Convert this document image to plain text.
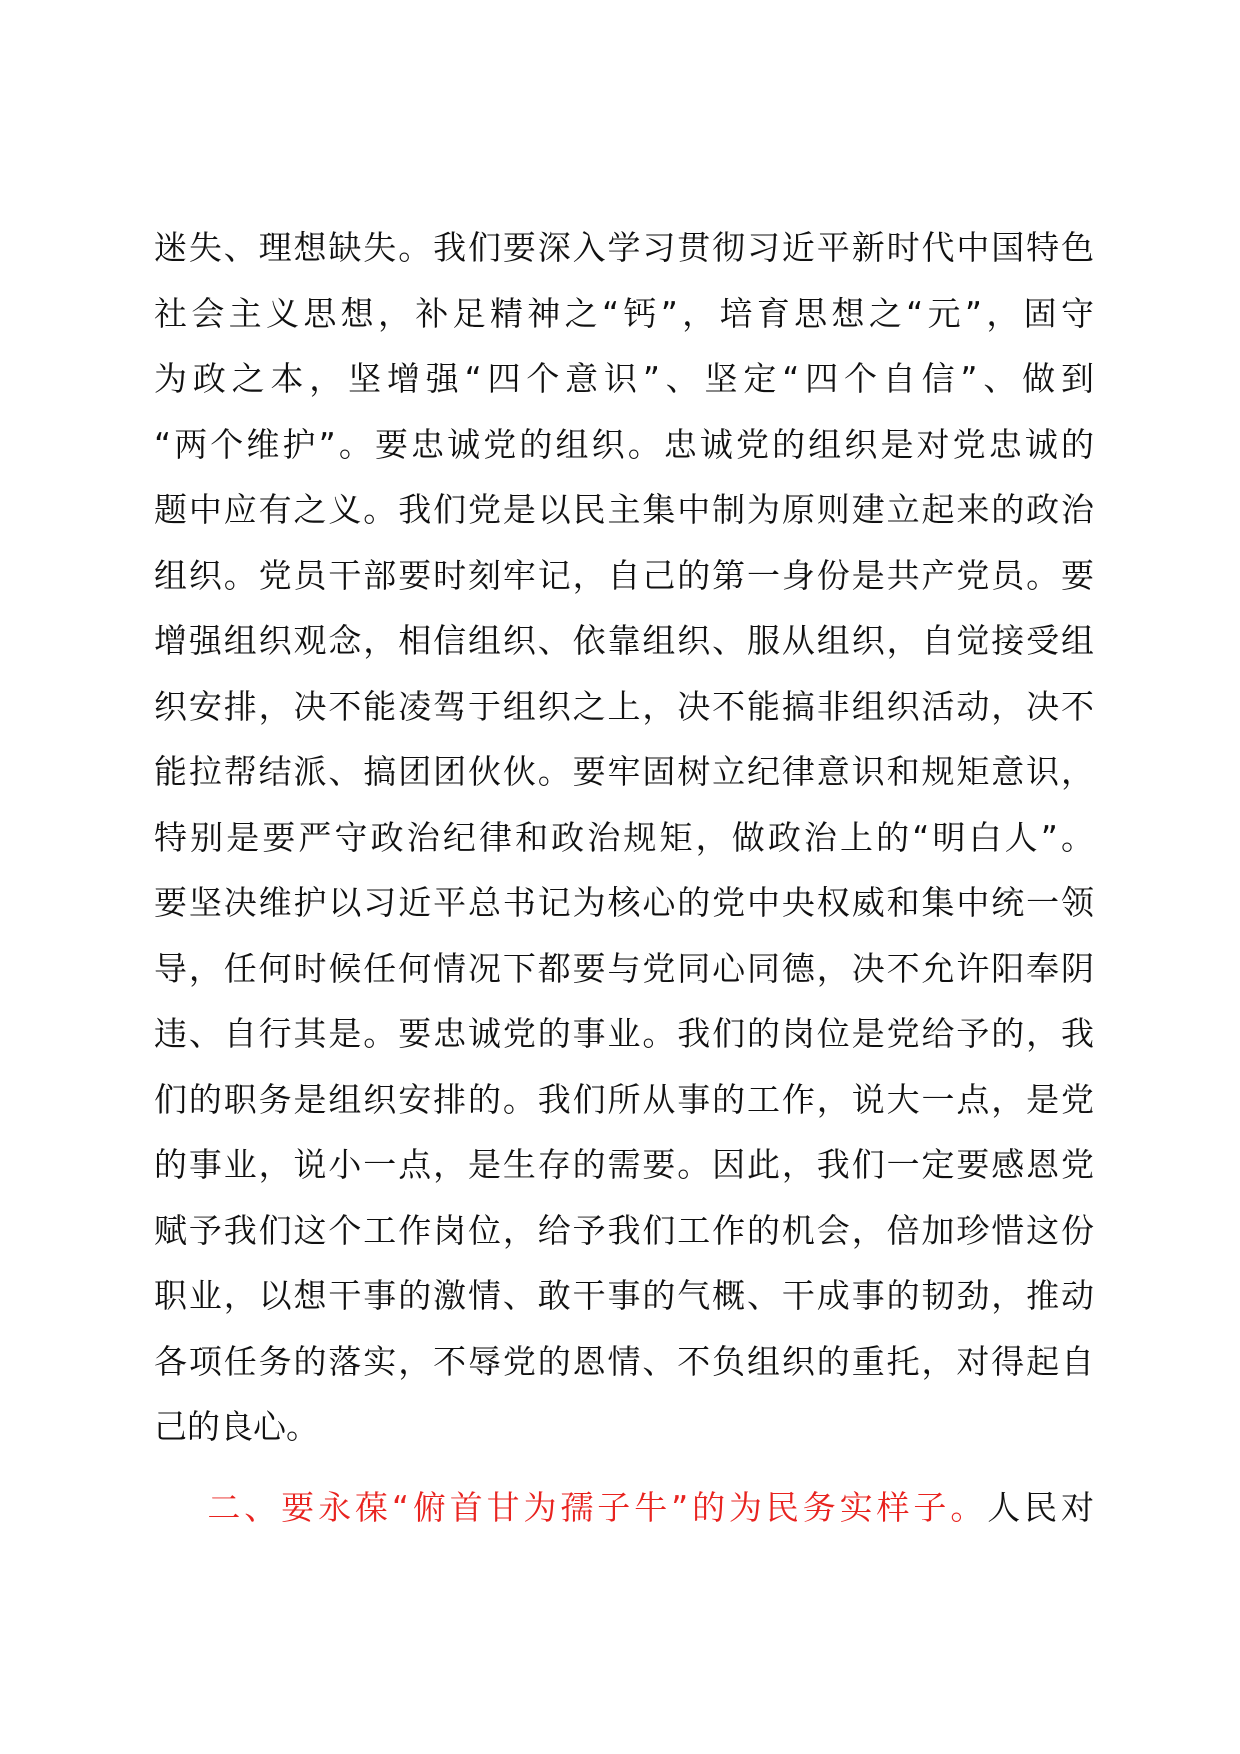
迷失、理想缺失。我们要深入学习贯彻习近平新时代中国特色
社会主义思想，补足精神之“钙”，培育思想之“元”，固守
为政之本，坚增强“四个意识”、坚定“四个自信”、做到
“两个维护”。要忠诚党的组织。忠诚党的组织是对党忠诚的
题中应有之义。我们党是以民主集中制为原则建立起来的政治
组织。党员干部要时刻牢记，自己的第一身份是共产党员。要
增强组织观念，相信组织、依靠组织、服从组织，自觉接受组
织安排，决不能凌驾于组织之上，决不能搞非组织活动，决不
能拉帮结派、搞团团伙伙。要牢固树立纪律意识和规矩意识，
特别是要严守政治纪律和政治规矩，做政治上的“明白人”。
要坚决维护以习近平总书记为核心的党中央权威和集中统一领
导，任何时候任何情况下都要与党同心同德，决不允许阳奉阴
违、自行其是。要忠诚党的事业。我们的岗位是党给予的，我
们的职务是组织安排的。我们所从事的工作，说大一点，是党
的事业，说小一点，是生存的需要。因此，我们一定要感恩党
赋予我们这个工作岗位，给予我们工作的机会，倍加珍惜这份
职业，以想干事的激情、敢干事的气概、干成事的韧劲，推动
各项任务的落实，不辱党的恩情、不负组织的重托，对得起自
己的良心。
  二、要永葆“俯首甘为孺子牛”的为民务实样子。人民对
